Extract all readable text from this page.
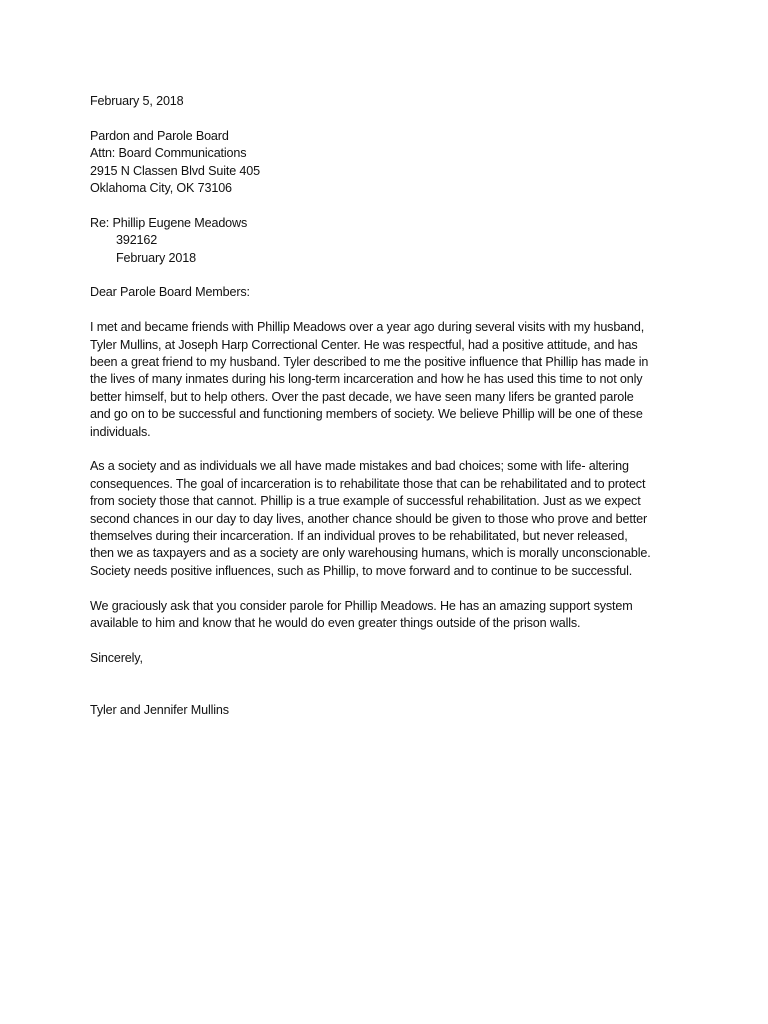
February 5, 2018
Pardon and Parole Board
Attn: Board Communications
2915 N Classen Blvd Suite 405
Oklahoma City, OK 73106
Re: Phillip Eugene Meadows
392162
February 2018
Dear Parole Board Members:
I met and became friends with Phillip Meadows over a year ago during several visits with my husband,
Tyler Mullins, at Joseph Harp Correctional Center. He was respectful, had a positive attitude, and has
been a great friend to my husband. Tyler described to me the positive influence that Phillip has made in
the lives of many inmates during his long-term incarceration and how he has used this time to not only
better himself, but to help others. Over the past decade, we have seen many lifers be granted parole
and go on to be successful and functioning members of society. We believe Phillip will be one of these
individuals.
As a society and as individuals we all have made mistakes and bad choices; some with life- altering
consequences. The goal of incarceration is to rehabilitate those that can be rehabilitated and to protect
from society those that cannot. Phillip is a true example of successful rehabilitation. Just as we expect
second chances in our day to day lives, another chance should be given to those who prove and better
themselves during their incarceration. If an individual proves to be rehabilitated, but never released,
then we as taxpayers and as a society are only warehousing humans, which is morally unconscionable.
Society needs positive influences, such as Phillip, to move forward and to continue to be successful.
We graciously ask that you consider parole for Phillip Meadows. He has an amazing support system
available to him and know that he would do even greater things outside of the prison walls.
Sincerely,
Tyler and Jennifer Mullins
